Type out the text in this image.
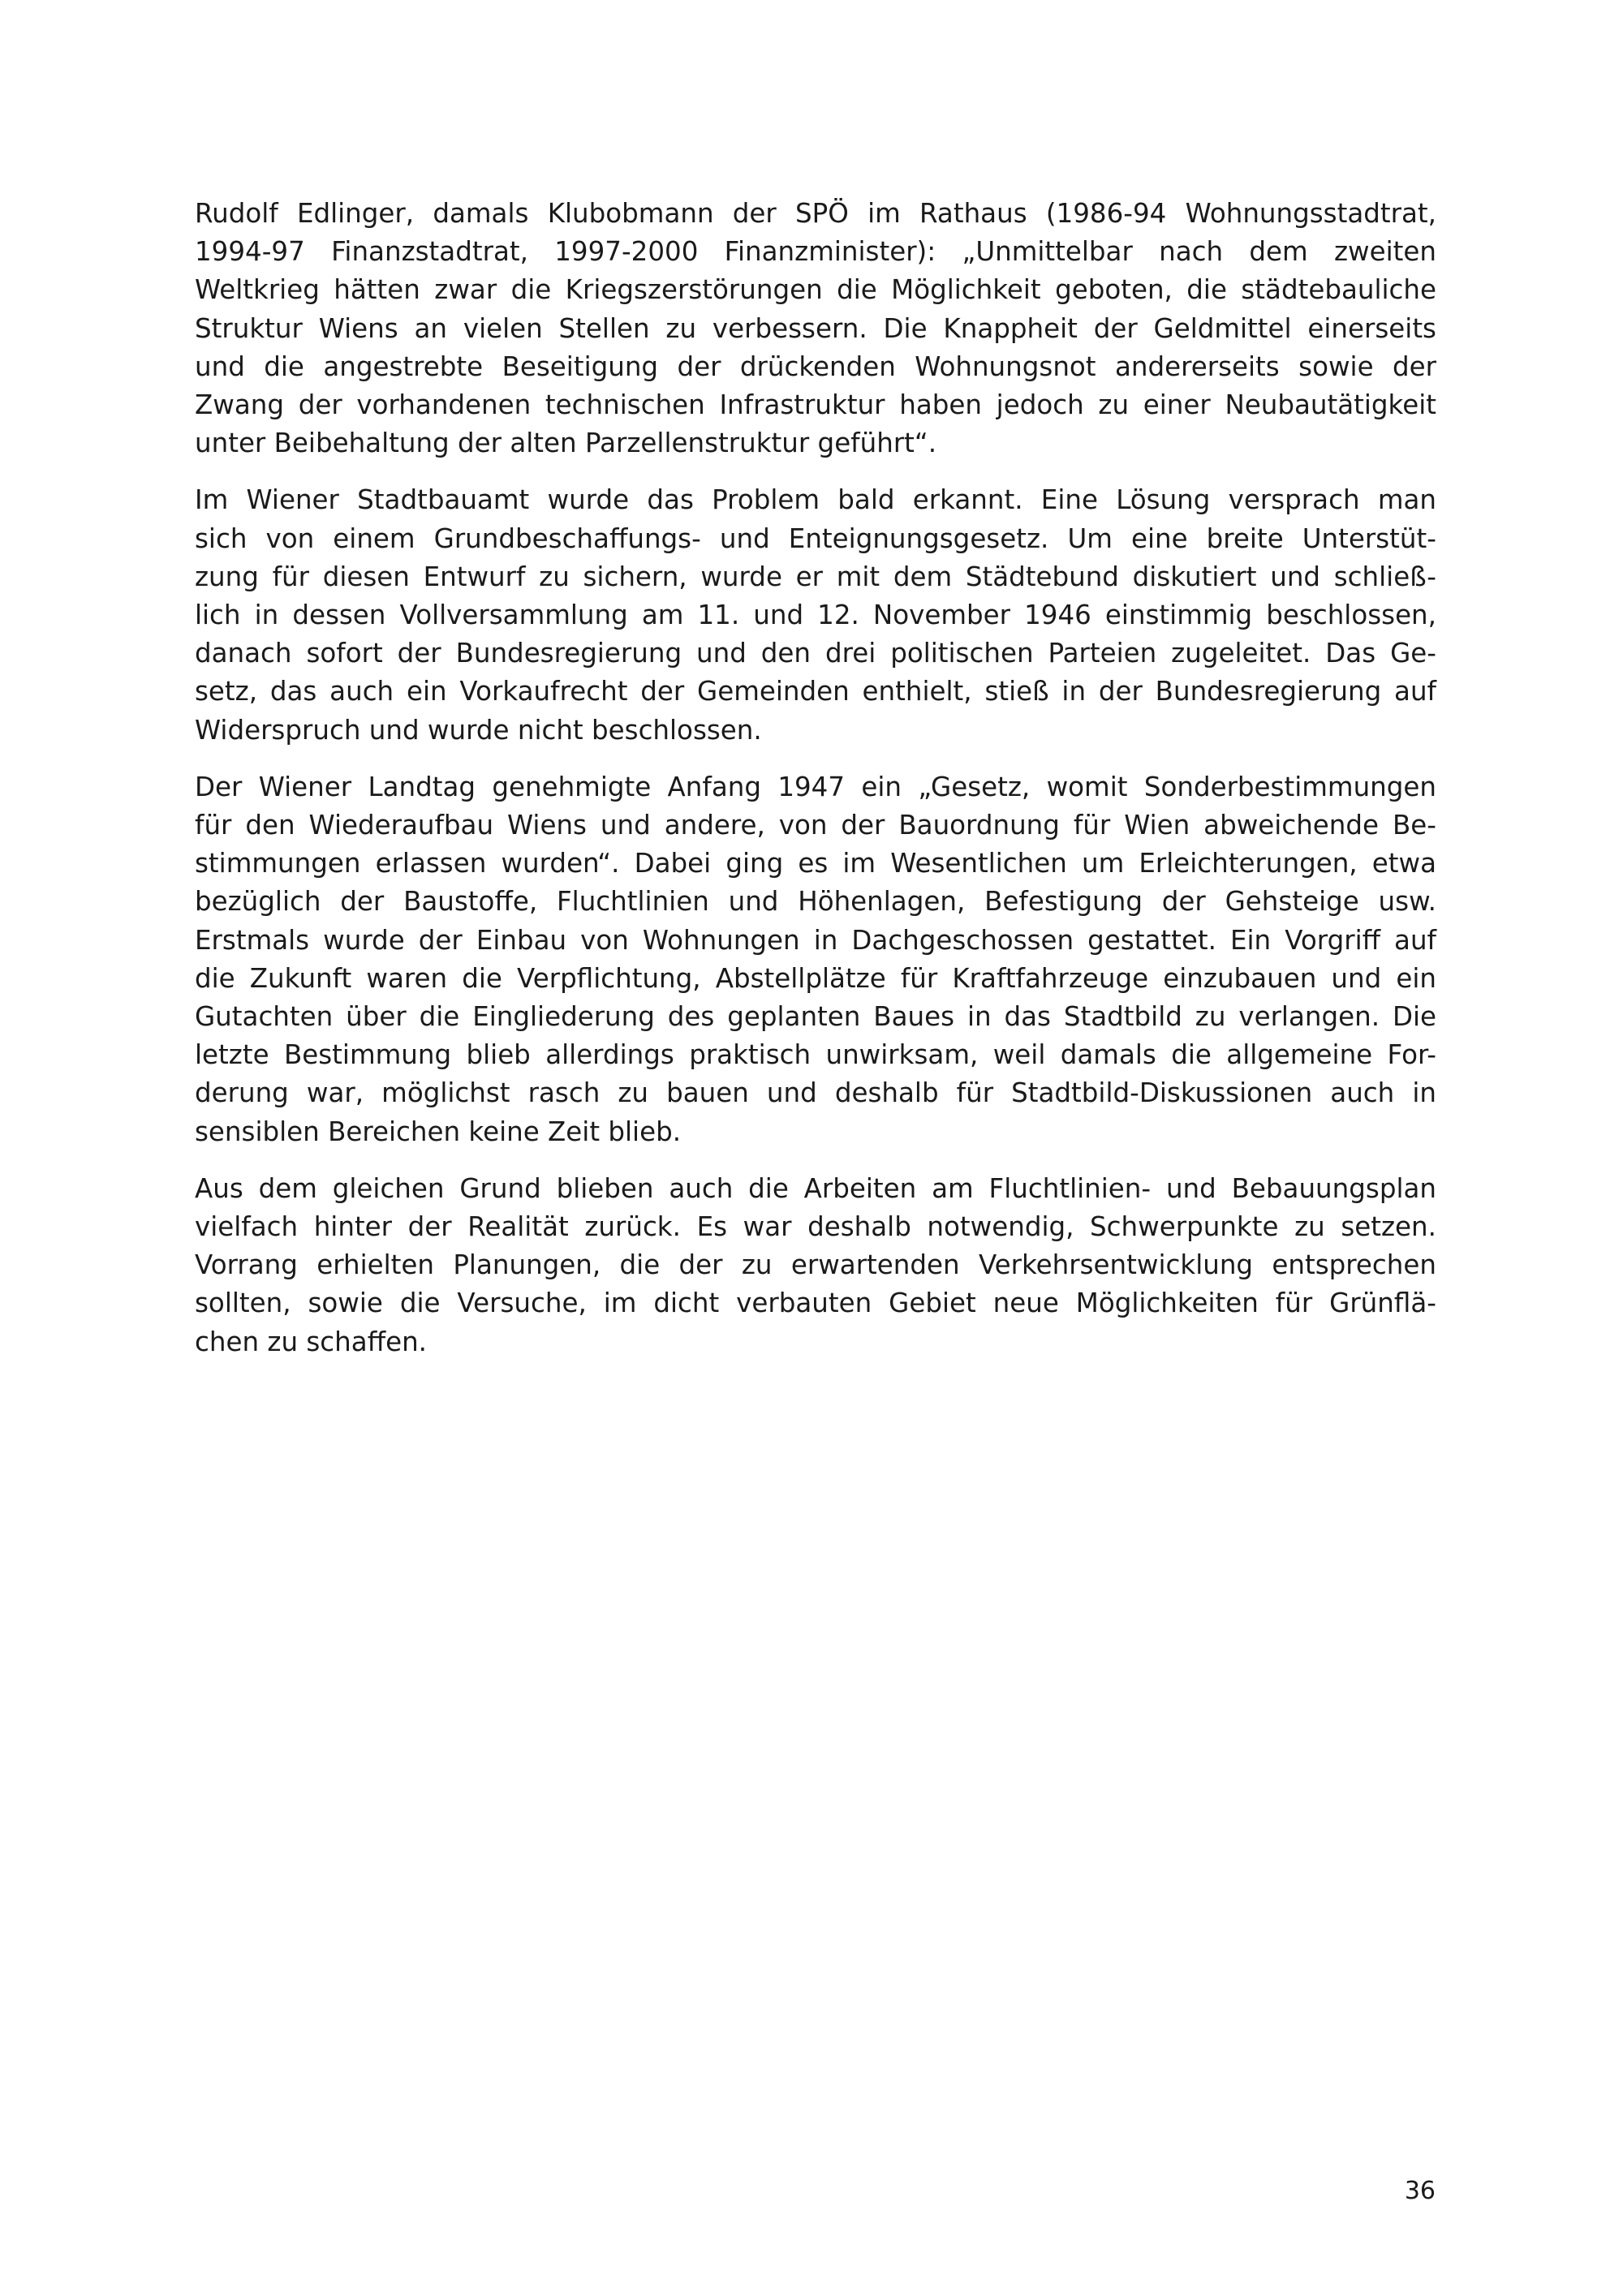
Rudolf Edlinger, damals Klubobmann der SPÖ im Rathaus (1986-94 Wohnungsstadtrat,
1994-97 Finanzstadtrat, 1997-2000 Finanzminister): „Unmittelbar nach dem zweiten
Weltkrieg hätten zwar die Kriegszerstörungen die Möglichkeit geboten, die städtebauliche
Struktur Wiens an vielen Stellen zu verbessern. Die Knappheit der Geldmittel einerseits
und die angestrebte Beseitigung der drückenden Wohnungsnot andererseits sowie der
Zwang der vorhandenen technischen Infrastruktur haben jedoch zu einer Neubautätigkeit
unter Beibehaltung der alten Parzellenstruktur geführt“.

Im Wiener Stadtbauamt wurde das Problem bald erkannt. Eine Lösung versprach man
sich von einem Grundbeschaffungs- und Enteignungsgesetz. Um eine breite Unterstüt-
zung für diesen Entwurf zu sichern, wurde er mit dem Städtebund diskutiert und schließ-
lich in dessen Vollversammlung am 11. und 12. November 1946 einstimmig beschlossen,
danach sofort der Bundesregierung und den drei politischen Parteien zugeleitet. Das Ge-
setz, das auch ein Vorkaufrecht der Gemeinden enthielt, stieß in der Bundesregierung auf
Widerspruch und wurde nicht beschlossen.

Der Wiener Landtag genehmigte Anfang 1947 ein „Gesetz, womit Sonderbestimmungen
für den Wiederaufbau Wiens und andere, von der Bauordnung für Wien abweichende Be-
stimmungen erlassen wurden“. Dabei ging es im Wesentlichen um Erleichterungen, etwa
bezüglich der Baustoffe, Fluchtlinien und Höhenlagen, Befestigung der Gehsteige usw.
Erstmals wurde der Einbau von Wohnungen in Dachgeschossen gestattet. Ein Vorgriff auf
die Zukunft waren die Verpflichtung, Abstellplätze für Kraftfahrzeuge einzubauen und ein
Gutachten über die Eingliederung des geplanten Baues in das Stadtbild zu verlangen. Die
letzte Bestimmung blieb allerdings praktisch unwirksam, weil damals die allgemeine For-
derung war, möglichst rasch zu bauen und deshalb für Stadtbild-Diskussionen auch in
sensiblen Bereichen keine Zeit blieb.

Aus dem gleichen Grund blieben auch die Arbeiten am Fluchtlinien- und Bebauungsplan
vielfach hinter der Realität zurück. Es war deshalb notwendig, Schwerpunkte zu setzen.
Vorrang erhielten Planungen, die der zu erwartenden Verkehrsentwicklung entsprechen
sollten, sowie die Versuche, im dicht verbauten Gebiet neue Möglichkeiten für Grünflä-
chen zu schaffen.

36
